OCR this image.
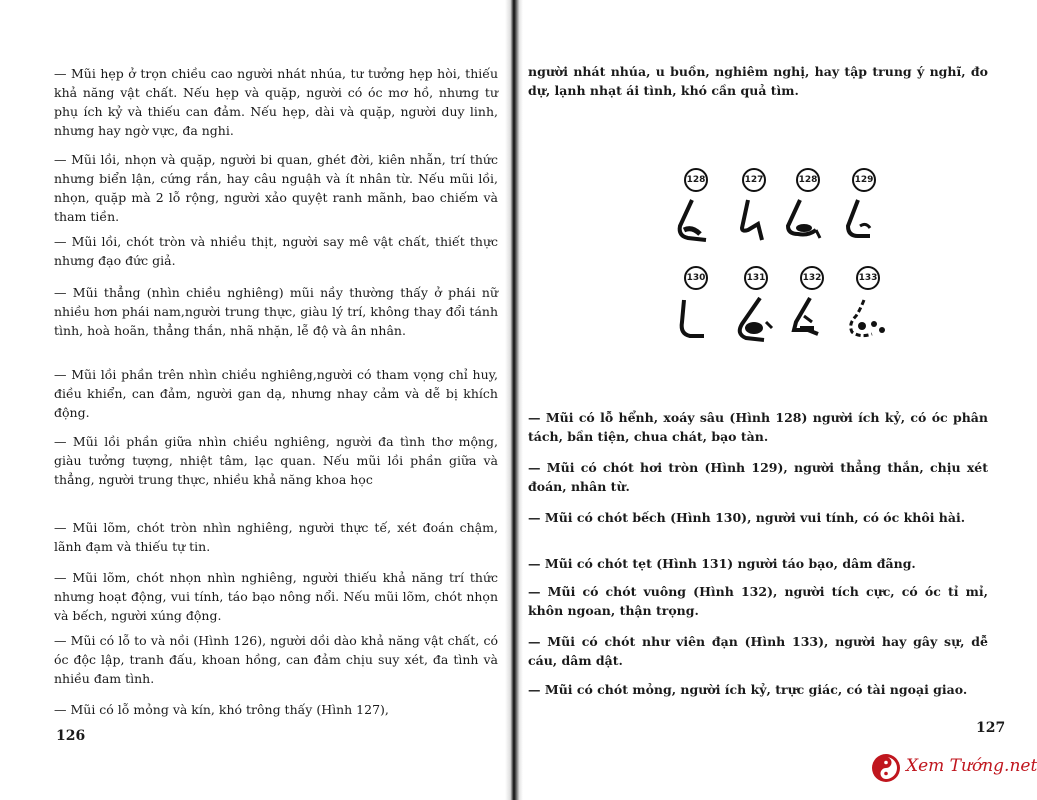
— Mũi hẹp ở trọn chiều cao người nhát nhúa, tư tưởng hẹp hòi, thiếu khả năng vật chất. Nếu hẹp và quặp, người có óc mơ hồ, nhưng tư phụ ích kỷ và thiếu can đảm. Nếu hẹp, dài và quặp, người duy linh, nhưng hay ngờ vực, đa nghi.

— Mũi lồi, nhọn và quặp, người bi quan, ghét đời, kiên nhẫn, trí thức nhưng biển lận, cứng rắn, hay câu nguậh và ít nhân từ. Nếu mũi lồi, nhọn, quặp mà 2 lỗ rộng, người xảo quyệt ranh mãnh, bao chiếm và tham tiền.

— Mũi lồi, chót tròn và nhiều thịt, người say mê vật chất, thiết thực nhưng đạo đức giả.

— Mũi thẳng (nhìn chiều nghiêng) mũi nầy thường thấy ở phái nữ nhiều hơn phái nam,người trung thực, giàu lý trí, không thay đổi tánh tình, hoà hoãn, thẳng thắn, nhã nhặn, lễ độ và ân nhân.

— Mũi lồi phần trên nhìn chiều nghiêng,người có tham vọng chỉ huy, điều khiển, can đảm, người gan dạ, nhưng nhay cảm và dễ bị khích động.

— Mũi lồi phần giữa nhìn chiều nghiêng, người đa tình thơ mộng, giàu tưởng tượng, nhiệt tâm, lạc quan. Nếu mũi lồi phần giữa và thẳng, người trung thực, nhiều khả năng khoa học

— Mũi lõm, chót tròn nhìn nghiêng, người thực tế, xét đoán chậm, lãnh đạm và thiếu tự tin.

— Mũi lõm, chót nhọn nhìn nghiêng, người thiếu khả năng trí thức nhưng hoạt động, vui tính, táo bạo nông nổi. Nếu mũi lõm, chót nhọn và bếch, người xúng động.

— Mũi có lỗ to và nồi (Hình 126), người dồi dào khả năng vật chất, có óc độc lập, tranh đấu, khoan hồng, can đảm chịu suy xét, đa tình và nhiều đam tình.

— Mũi có lỗ mỏng và kín, khó trông thấy (Hình 127),

126

người nhát nhúa, u buồn, nghiêm nghị, hay tập trung ý nghĩ, đo dự, lạnh nhạt ái tình, khó cần quả tìm.

128	127	128	129
130	131	132	133

— Mũi có lỗ hểnh, xoáy sâu (Hình 128) người ích kỷ, có óc phân tách, bần tiện, chua chát, bạo tàn.

— Mũi có chót hơi tròn (Hình 129), người thẳng thắn, chịu xét đoán, nhân từ.

— Mũi có chót bếch (Hình 130), người vui tính, có óc khôi hài.

— Mũi có chót tẹt (Hình 131) người táo bạo, dâm đãng.

— Mũi có chót vuông (Hình 132), người tích cực, có óc tỉ mỉ, khôn ngoan, thận trọng.

— Mũi có chót như viên đạn (Hình 133), người hay gây sự, dễ cáu, dâm dật.

— Mũi có chót mỏng, người ích kỷ, trực giác, có tài ngoại giao.

127
Xem Tướng.net
